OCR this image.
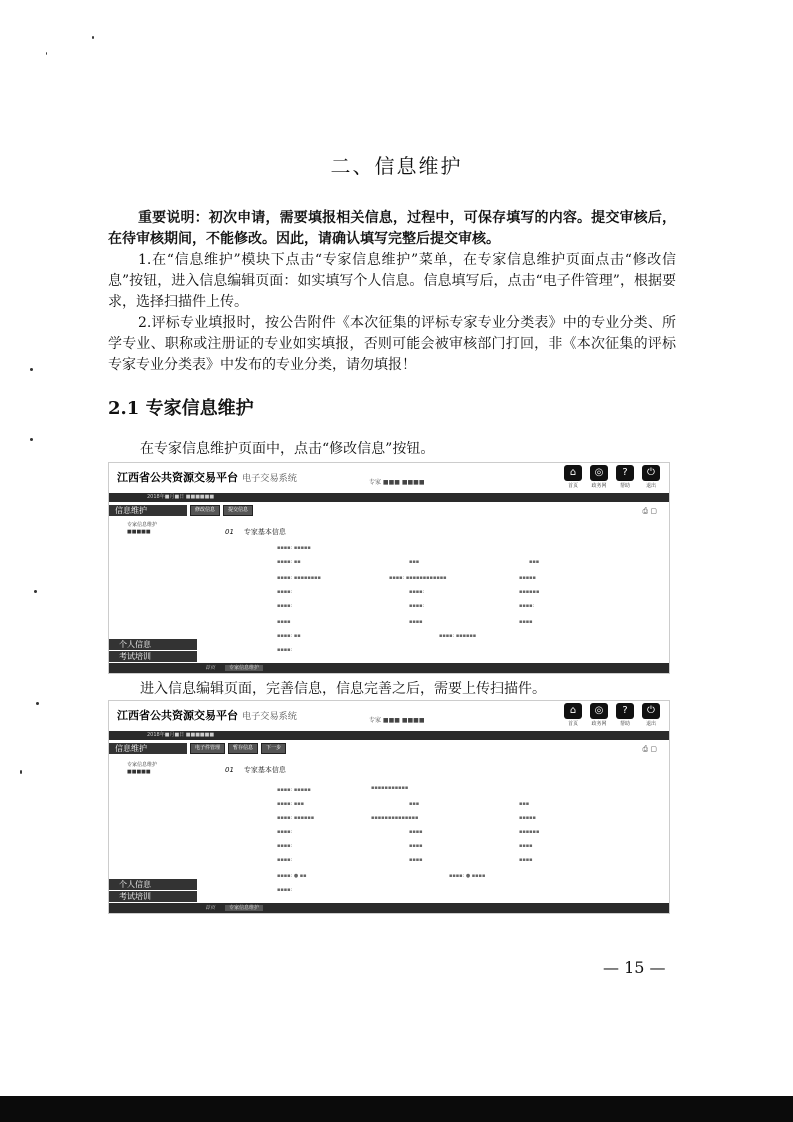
二、信息维护
重要说明：初次申请，需要填报相关信息，过程中，可保存填写的内容。提交审核后，在待审核期间，不能修改。因此，请确认填写完整后提交审核。
1.在“信息维护”模块下点击“专家信息维护”菜单，在专家信息维护页面点击“修改信息”按钮，进入信息编辑页面：如实填写个人信息。信息填写后，点击“电子件管理”，根据要求，选择扫描件上传。
2.评标专业填报时，按公告附件《本次征集的评标专家专业分类表》中的专业分类、所学专业、职称或注册证的专业如实填报，否则可能会被审核部门打回，非《本次征集的评标专家专业分类表》中发布的专业分类，请勿填报！
2.1 专家信息维护
在专家信息维护页面中，点击“修改信息”按钮。
江西省公共资源交易平台 电子交易系统	专家 ■■■ ■■■■
⌂
首页
◎
政务网
?
帮助
⏻
退出
2018年■月■日 ■■■■■■
信息维护	修改信息	提交信息	⎙ ▢
专家信息维护
■■■■■	01 专家基本信息
▪▪▪▪: ▪▪▪▪▪
▪▪▪▪: ▪▪	▪▪▪	▪▪▪
▪▪▪▪: ▪▪▪▪▪▪▪▪	▪▪▪▪: ▪▪▪▪▪▪▪▪▪▪▪▪	▪▪▪▪▪
▪▪▪▪:	▪▪▪▪:	▪▪▪▪▪▪
▪▪▪▪:	▪▪▪▪:	▪▪▪▪:
▪▪▪▪	▪▪▪▪	▪▪▪▪
▪▪▪▪: ▪▪	▪▪▪▪: ▪▪▪▪▪▪
▪▪▪▪:
个人信息
考试培训
首页	专家信息维护
进入信息编辑页面，完善信息，信息完善之后，需要上传扫描件。
江西省公共资源交易平台 电子交易系统	专家 ■■■ ■■■■
⌂
首页
◎
政务网
?
帮助
⏻
退出
2018年■月■日 ■■■■■■
信息维护	电子件管理	暂存信息	下一步	⎙ ▢
专家信息维护
■■■■■	01 专家基本信息
▪▪▪▪: ▪▪▪▪▪	▪▪▪▪▪▪▪▪▪▪▪
▪▪▪▪: ▪▪▪	▪▪▪	▪▪▪
▪▪▪▪: ▪▪▪▪▪▪	▪▪▪▪▪▪▪▪▪▪▪▪▪▪	▪▪▪▪▪
▪▪▪▪:	▪▪▪▪	▪▪▪▪▪▪
▪▪▪▪:	▪▪▪▪	▪▪▪▪
▪▪▪▪:	▪▪▪▪	▪▪▪▪
▪▪▪▪: ● ▪▪	▪▪▪▪: ● ▪▪▪▪
▪▪▪▪:
个人信息
考试培训
首页	专家信息维护
— 15 —
